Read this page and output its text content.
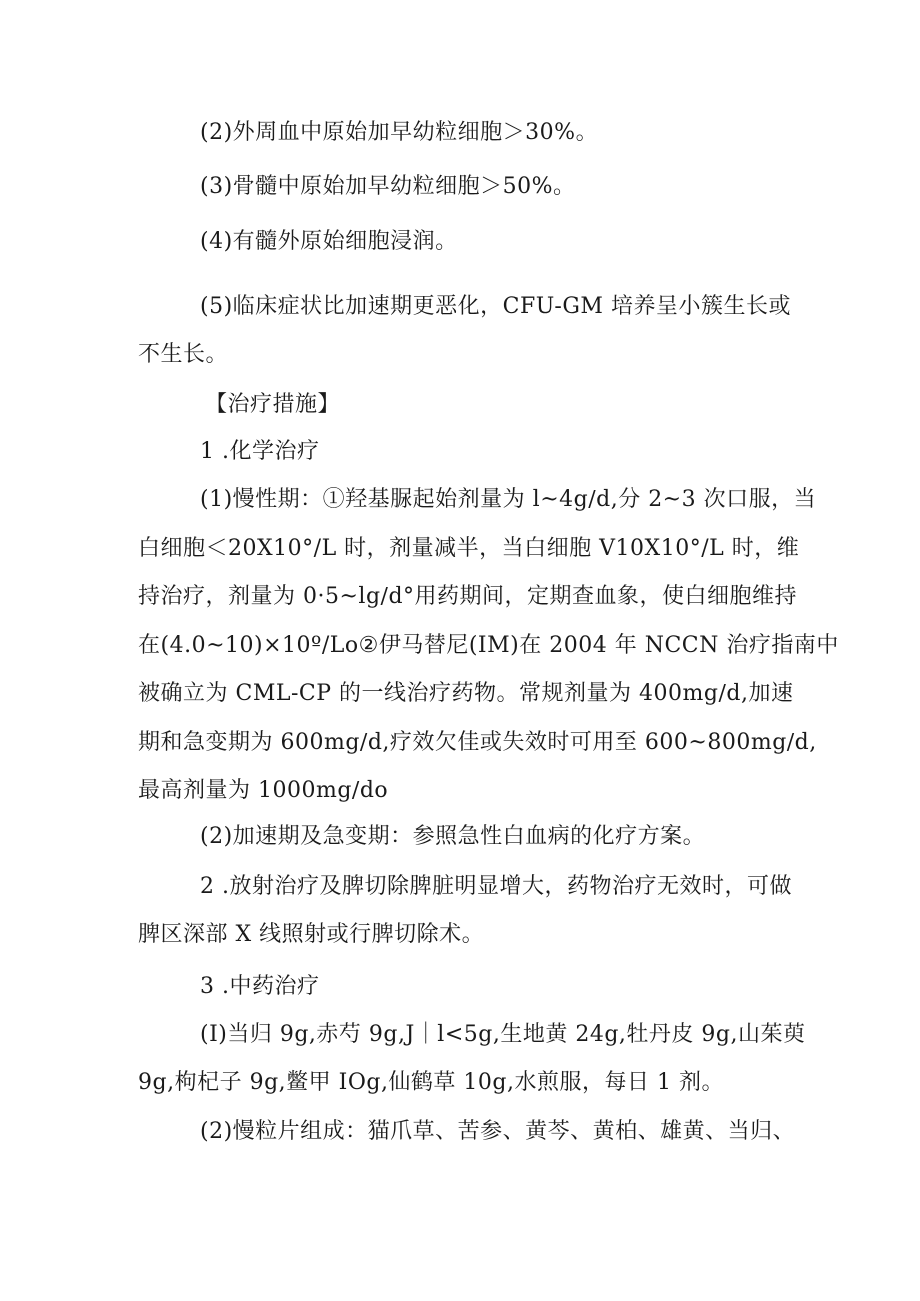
(2)外周血中原始加早幼粒细胞＞30%。
(3)骨髓中原始加早幼粒细胞＞50%。
(4)有髓外原始细胞浸润。
(5)临床症状比加速期更恶化，CFU-GM 培养呈小簇生长或
不生长。
【治疗措施】
1 .化学治疗
(1)慢性期：①羟基脲起始剂量为 l~4g∕d,分 2~3 次口服，当
白细胞＜20X10°/L 时，剂量减半，当白细胞 V10X10°/L 时，维
持治疗，剂量为 0·5~lg∕d°用药期间，定期查血象，使白细胞维持
在(4.0~10)×10º/Lo②伊马替尼(IM)在 2004 年 NCCN 治疗指南中
被确立为 CML-CP 的一线治疗药物。常规剂量为 400mg∕d,加速
期和急变期为 600mg∕d,疗效欠佳或失效时可用至 600~800mg∕d,
最高剂量为 1000mg∕do
(2)加速期及急变期：参照急性白血病的化疗方案。
2 .放射治疗及脾切除脾脏明显增大，药物治疗无效时，可做
脾区深部 X 线照射或行脾切除术。
3 .中药治疗
(I)当归 9g,赤芍 9g,J｜l<5g,生地黄 24g,牡丹皮 9g,山茱萸
9g,枸杞子 9g,鳖甲 IOg,仙鹤草 10g,水煎服，每日 1 剂。
(2)慢粒片组成：猫爪草、苦参、黄芩、黄柏、雄黄、当归、
